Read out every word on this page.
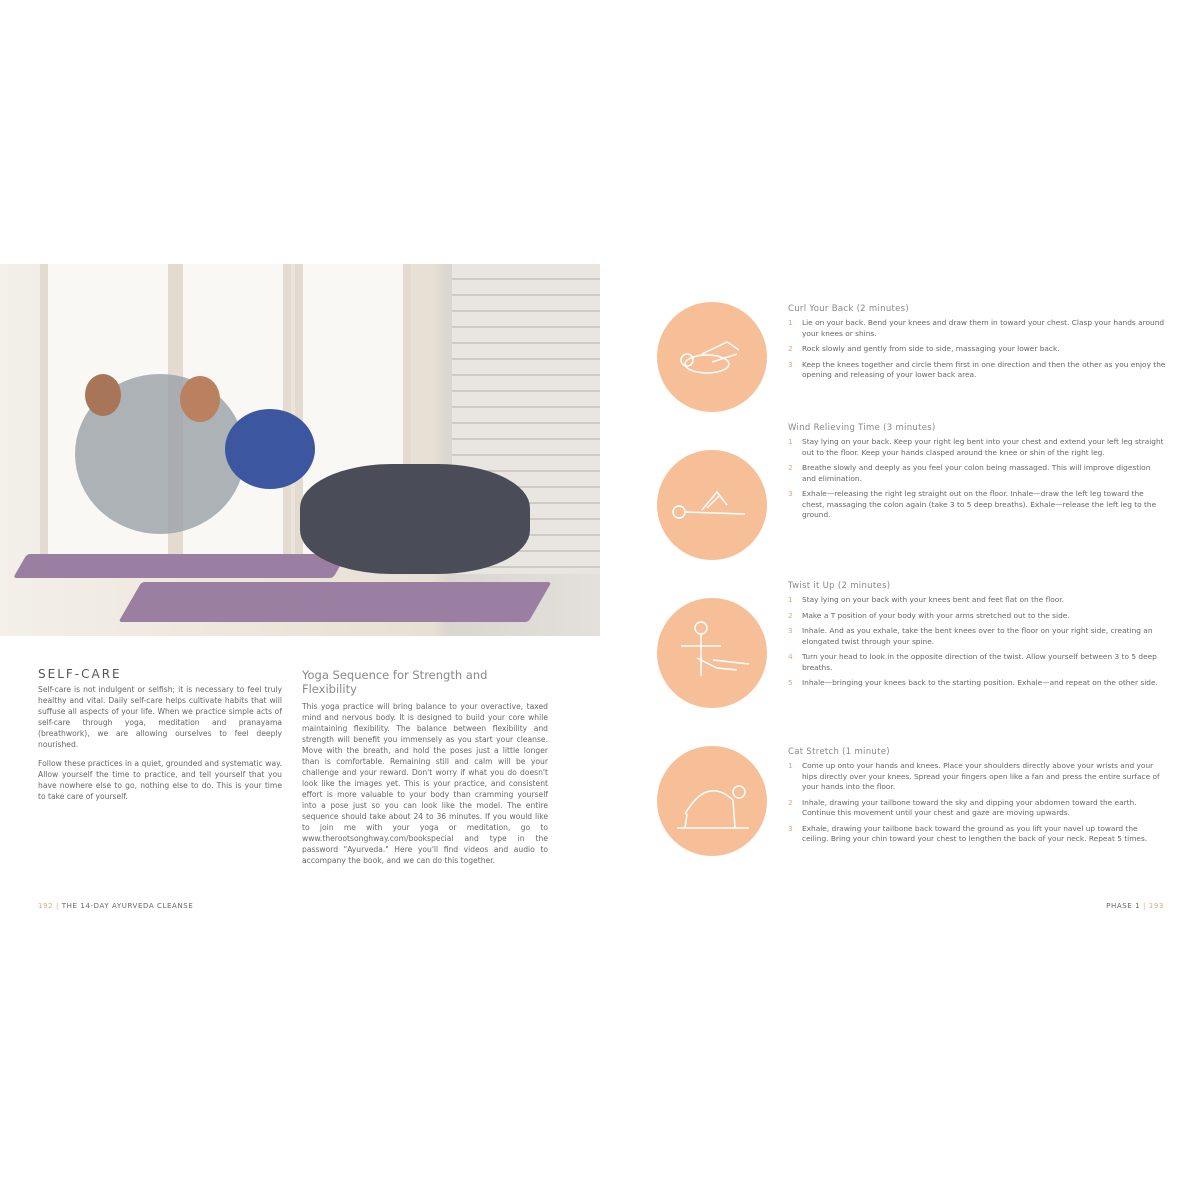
SELF-CARE

Self-care is not indulgent or selfish; it is necessary to feel truly healthy and vital. Daily self-care helps cultivate habits that will suffuse all aspects of your life. When we practice simple acts of self-care through yoga, meditation and pranayama (breathwork), we are allowing ourselves to feel deeply nourished.

Follow these practices in a quiet, grounded and systematic way. Allow yourself the time to practice, and tell yourself that you have nowhere else to go, nothing else to do. This is your time to take care of yourself.

Yoga Sequence for Strength and Flexibility

This yoga practice will bring balance to your overactive, taxed mind and nervous body. It is designed to build your core while maintaining flexibility. The balance between flexibility and strength will benefit you immensely as you start your cleanse. Move with the breath, and hold the poses just a little longer than is comfortable. Remaining still and calm will be your challenge and your reward. Don't worry if what you do doesn't look like the images yet. This is your practice, and consistent effort is more valuable to your body than cramming yourself into a pose just so you can look like the model. The entire sequence should take about 24 to 36 minutes. If you would like to join me with your yoga or meditation, go to www.therootsonghway.com/bookspecial and type in the password "Ayurveda." Here you'll find videos and audio to accompany the book, and we can do this together.

192 | THE 14-DAY AYURVEDA CLEANSE	PHASE 1 | 193
Curl Your Back (2 minutes)
1	Lie on your back. Bend your knees and draw them in toward your chest. Clasp your hands around your knees or shins.
2	Rock slowly and gently from side to side, massaging your lower back.
3	Keep the knees together and circle them first in one direction and then the other as you enjoy the opening and releasing of your lower back area.
Wind Relieving Time (3 minutes)
1	Stay lying on your back. Keep your right leg bent into your chest and extend your left leg straight out to the floor. Keep your hands clasped around the knee or shin of the right leg.
2	Breathe slowly and deeply as you feel your colon being massaged. This will improve digestion and elimination.
3	Exhale—releasing the right leg straight out on the floor. Inhale—draw the left leg toward the chest, massaging the colon again (take 3 to 5 deep breaths). Exhale—release the left leg to the ground.
Twist it Up (2 minutes)
1	Stay lying on your back with your knees bent and feet flat on the floor.
2	Make a T position of your body with your arms stretched out to the side.
3	Inhale. And as you exhale, take the bent knees over to the floor on your right side, creating an elongated twist through your spine.
4	Turn your head to look in the opposite direction of the twist. Allow yourself between 3 to 5 deep breaths.
5	Inhale—bringing your knees back to the starting position. Exhale—and repeat on the other side.
Cat Stretch (1 minute)
1	Come up onto your hands and knees. Place your shoulders directly above your wrists and your hips directly over your knees. Spread your fingers open like a fan and press the entire surface of your hands into the floor.
2	Inhale, drawing your tailbone toward the sky and dipping your abdomen toward the earth. Continue this movement until your chest and gaze are moving upwards.
3	Exhale, drawing your tailbone back toward the ground as you lift your navel up toward the ceiling. Bring your chin toward your chest to lengthen the back of your neck. Repeat 5 times.
